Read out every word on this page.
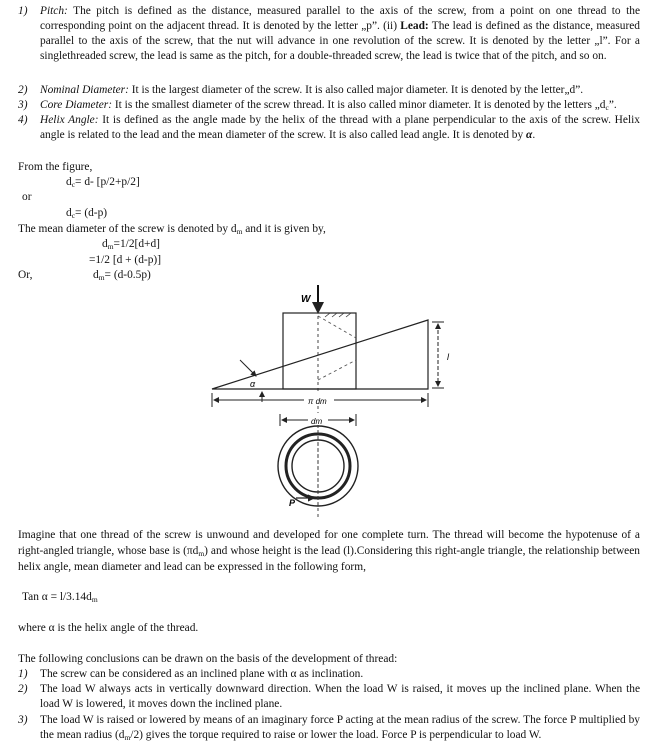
1) Pitch: The pitch is defined as the distance, measured parallel to the axis of the screw, from a point on one thread to the corresponding point on the adjacent thread. It is denoted by the letter „p”. (ii) Lead: The lead is defined as the distance, measured parallel to the axis of the screw, that the nut will advance in one revolution of the screw. It is denoted by the letter „l”. For a singlethreaded screw, the lead is same as the pitch, for a double-threaded screw, the lead is twice that of the pitch, and so on.
2) Nominal Diameter: It is the largest diameter of the screw. It is also called major diameter. It is denoted by the letter„d”.
3) Core Diameter: It is the smallest diameter of the screw thread. It is also called minor diameter. It is denoted by the letters $„d_c$”.
4) Helix Angle: It is defined as the angle made by the helix of the thread with a plane perpendicular to the axis of the screw. Helix angle is related to the lead and the mean diameter of the screw. It is also called lead angle. It is denoted by α.
From the figure,
$d_c= d-$ [p/2+p/2]
or
$d_c= (d-p)$
The mean diameter of the screw is denoted by $d_m$ and it is given by,
$d_m=1/2[d+d]$
=1/2 [d + (d-p)]
Or,	$d_m= (d-0.5p)$
W
α
l
π dm
dm
P
Imagine that one thread of the screw is unwound and developed for one complete turn. The thread will become the hypotenuse of a right-angled triangle, whose base is $(\pi d_m)$ and whose height is the lead (l).Considering this right-angle triangle, the relationship between helix angle, mean diameter and lead can be expressed in the following form,
Tan $\alpha = l/3.14d_m$
where α is the helix angle of the thread.
The following conclusions can be drawn on the basis of the development of thread:
1) The screw can be considered as an inclined plane with α as inclination.
2) The load W always acts in vertically downward direction. When the load W is raised, it moves up the inclined plane. When the load W is lowered, it moves down the inclined plane.
3) The load W is raised or lowered by means of an imaginary force P acting at the mean radius of the screw. The force P multiplied by the mean radius $(d_m/2)$ gives the torque required to raise or lower the load. Force P is perpendicular to load W.
